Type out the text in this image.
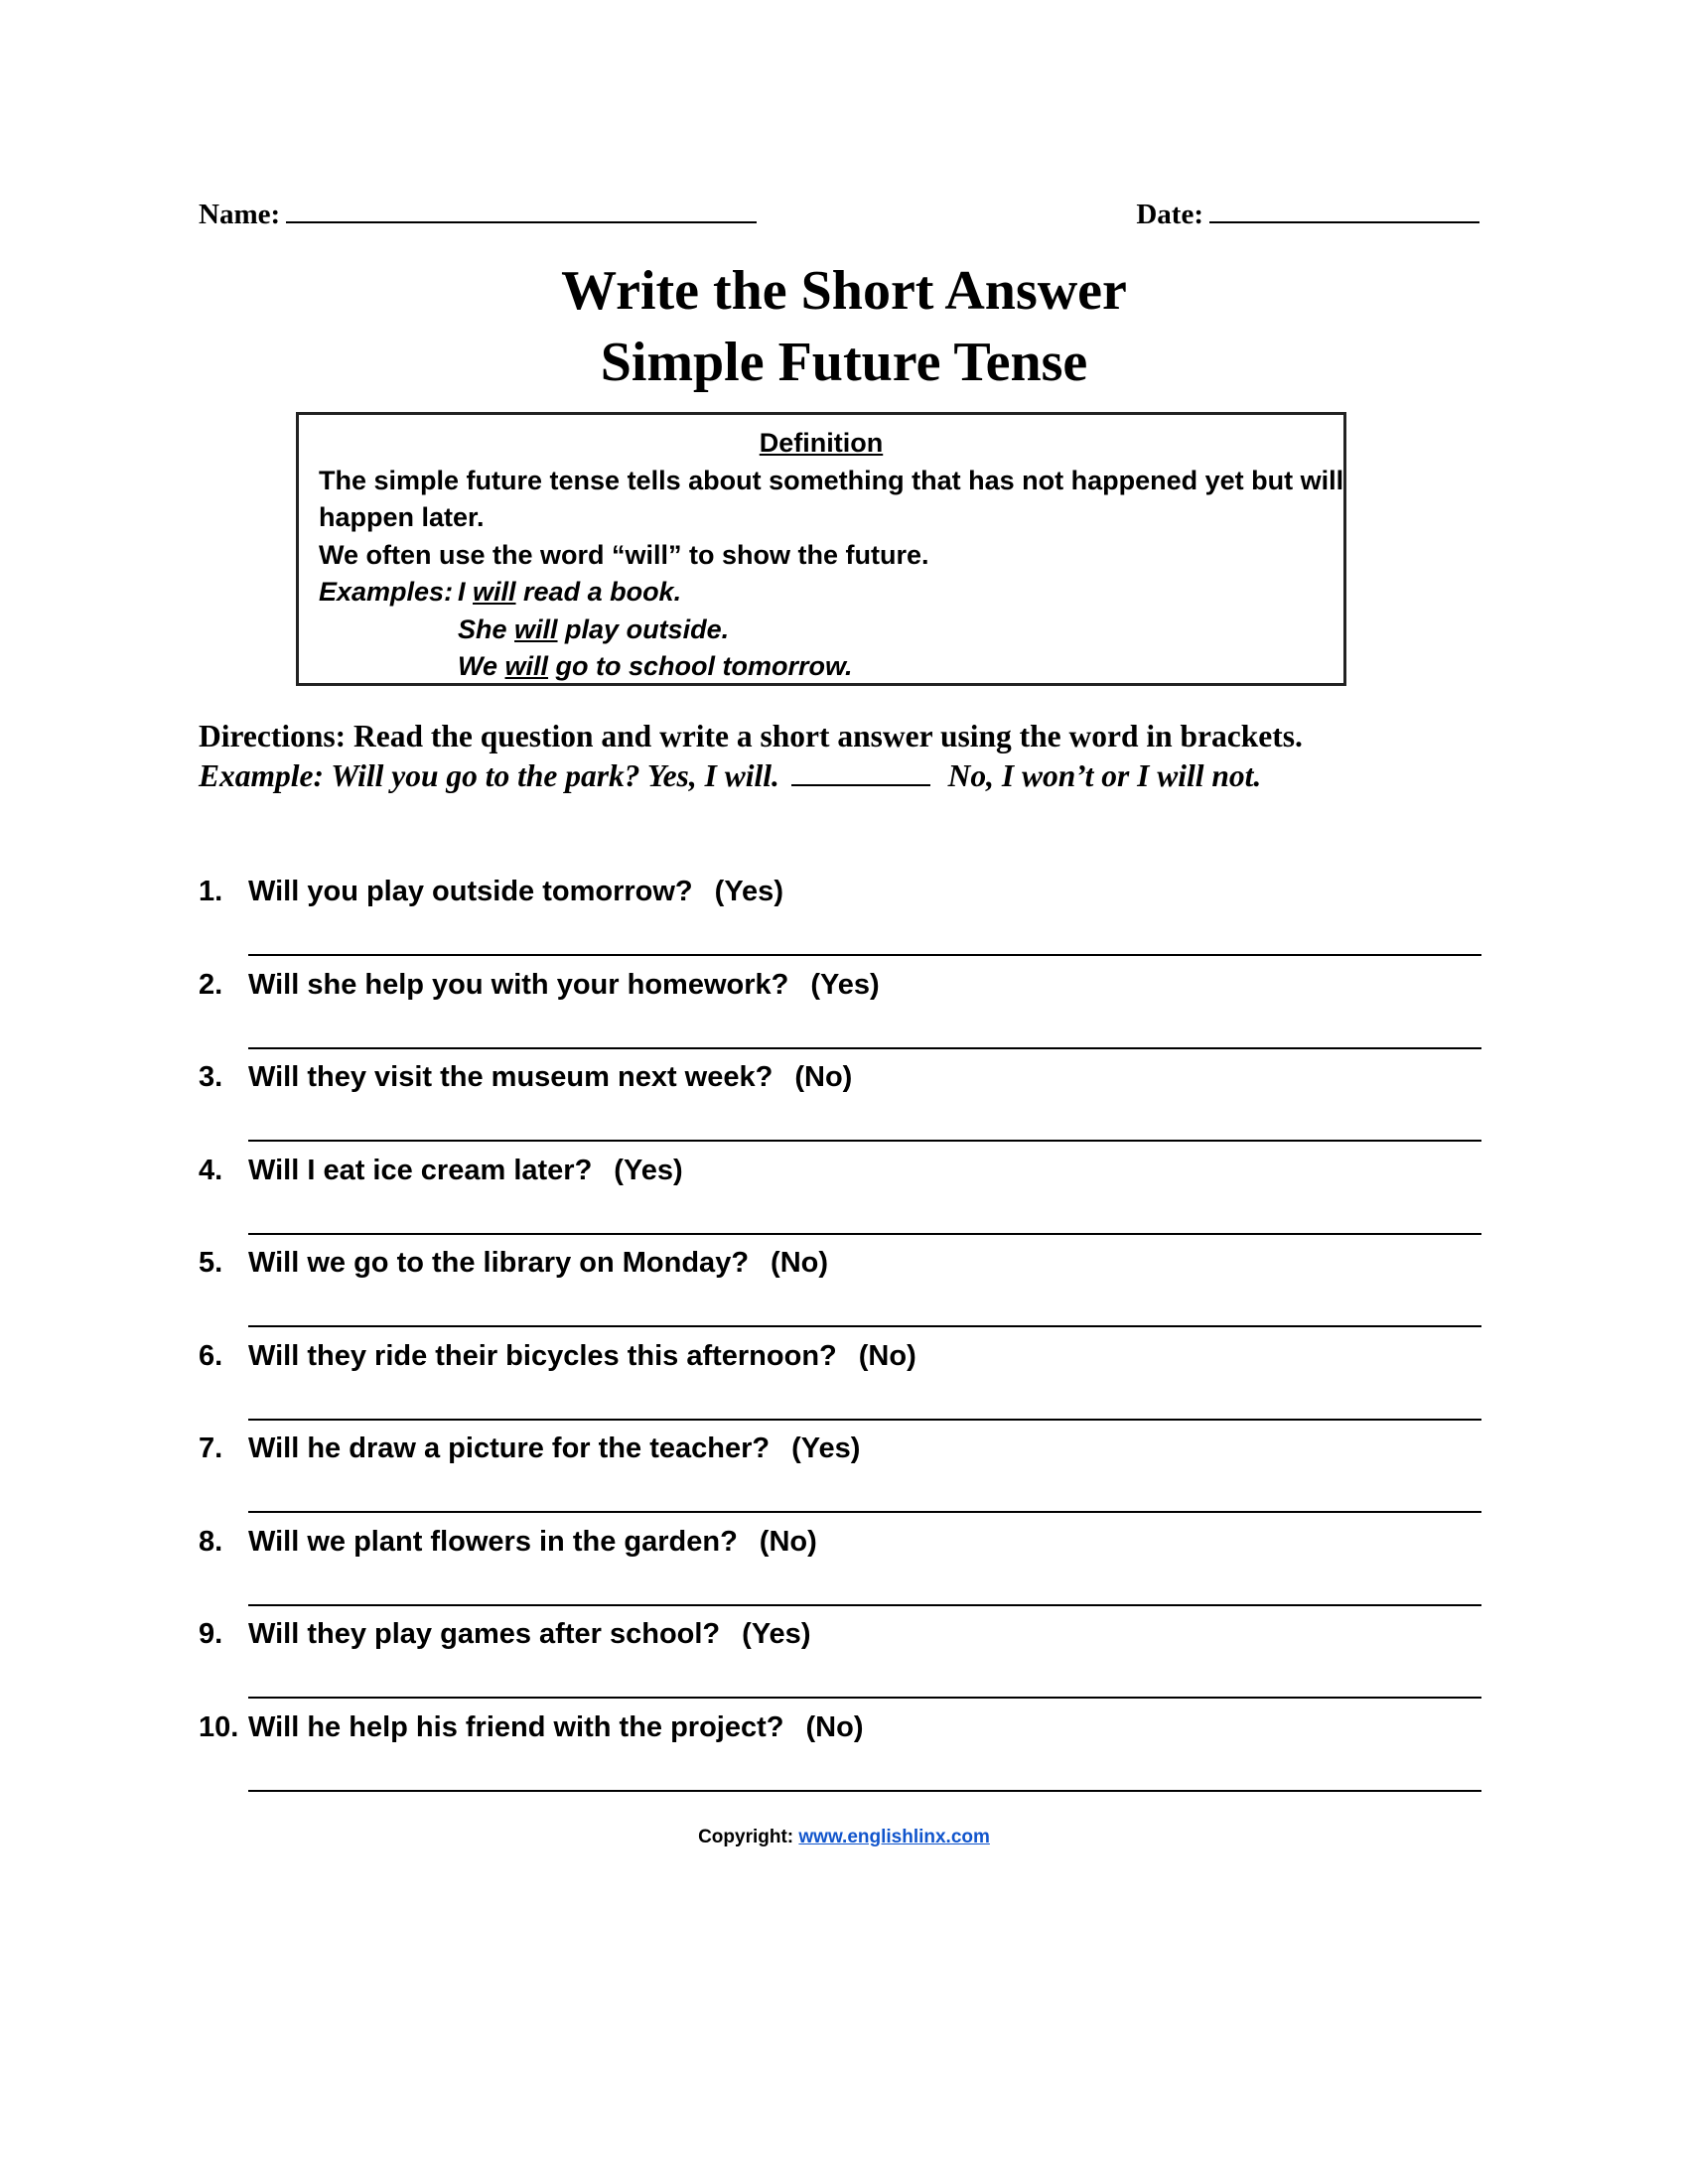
Name:	Date:
Write the Short Answer
Simple Future Tense
Definition
The simple future tense tells about something that has not happened yet but will
happen later.
We often use the word “will” to show the future.
Examples: I will read a book.
She will play outside.
We will go to school tomorrow.
Directions: Read the question and write a short answer using the word in brackets.
Example: Will you go to the park? Yes, I will.	No, I won’t or I will not.
1. Will you play outside tomorrow? (Yes)
2. Will she help you with your homework? (Yes)
3. Will they visit the museum next week? (No)
4. Will I eat ice cream later? (Yes)
5. Will we go to the library on Monday? (No)
6. Will they ride their bicycles this afternoon? (No)
7. Will he draw a picture for the teacher? (Yes)
8. Will we plant flowers in the garden? (No)
9. Will they play games after school? (Yes)
10. Will he help his friend with the project? (No)
Copyright: www.englishlinx.com
